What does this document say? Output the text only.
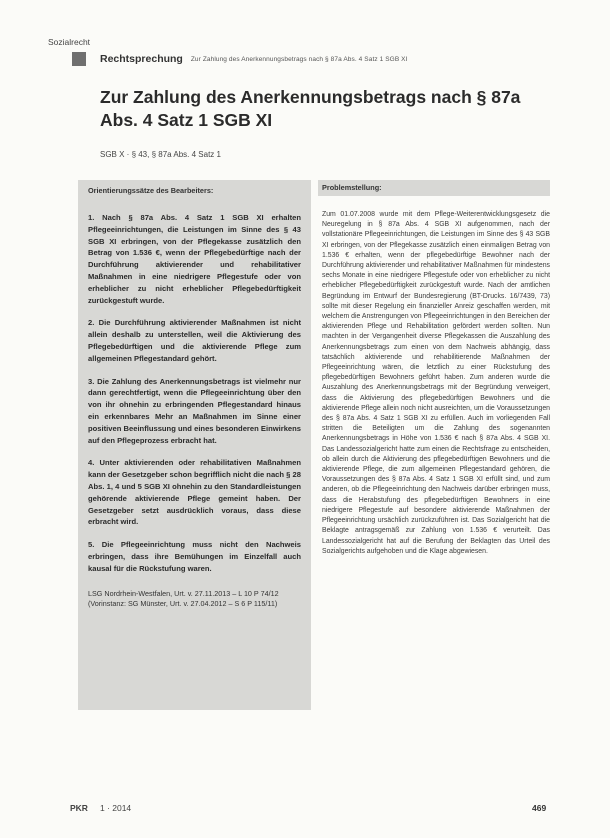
Sozialrecht
Rechtsprechung Zur Zahlung des Anerkennungsbetrags nach § 87a Abs. 4 Satz 1 SGB XI
Zur Zahlung des Anerkennungsbetrags nach § 87a Abs. 4 Satz 1 SGB XI
SGB X · § 43, § 87a Abs. 4 Satz 1
Orientierungssätze des Bearbeiters:
1. Nach § 87a Abs. 4 Satz 1 SGB XI erhalten Pflegeeinrichtungen, die Leistungen im Sinne des § 43 SGB XI erbringen, von der Pflegekasse zusätzlich den Betrag von 1.536 €, wenn der Pflegebedürftige nach der Durchführung aktivierender und rehabilitativer Maßnahmen in eine niedrigere Pflegestufe oder von erheblicher zu nicht erheblicher Pflegebedürftigkeit zurückgestuft wurde.
2. Die Durchführung aktivierender Maßnahmen ist nicht allein deshalb zu unterstellen, weil die Aktivierung des Pflegebedürftigen und die aktivierende Pflege zum allgemeinen Pflegestandard gehört.
3. Die Zahlung des Anerkennungsbetrags ist vielmehr nur dann gerechtfertigt, wenn die Pflegeeinrichtung über den von ihr ohnehin zu erbringenden Pflegestandard hinaus ein erkennbares Mehr an Maßnahmen im Sinne einer positiven Beeinflussung und eines besonderen Einwirkens auf den Pflegeprozess erbracht hat.
4. Unter aktivierenden oder rehabilitativen Maßnahmen kann der Gesetzgeber schon begrifflich nicht die nach § 28 Abs. 1, 4 und 5 SGB XI ohnehin zu den Standardleistungen gehörende aktivierende Pflege gemeint haben. Der Gesetzgeber setzt ausdrücklich voraus, dass diese erbracht wird.
5. Die Pflegeeinrichtung muss nicht den Nachweis erbringen, dass ihre Bemühungen im Einzelfall auch kausal für die Rückstufung waren.
LSG Nordrhein-Westfalen, Urt. v. 27.11.2013 – L 10 P 74/12 (Vorinstanz: SG Münster, Urt. v. 27.04.2012 – S 6 P 115/11)
Problemstellung:
Zum 01.07.2008 wurde mit dem Pflege-Weiterentwicklungsgesetz die Neuregelung in § 87a Abs. 4 SGB XI aufgenommen, nach der vollstationäre Pflegeeinrichtungen, die Leistungen im Sinne des § 43 SGB XI erbringen, von der Pflegekasse zusätzlich einen einmaligen Betrag von 1.536 € erhalten, wenn der pflegebedürftige Bewohner nach der Durchführung aktivierender und rehabilitativer Maßnahmen für mindestens sechs Monate in eine niedrigere Pflegestufe oder von erheblicher zu nicht erheblicher Pflegebedürftigkeit zurückgestuft wurde. Nach der amtlichen Begründung im Entwurf der Bundesregierung (BT-Drucks. 16/7439, 73) sollte mit dieser Regelung ein finanzieller Anreiz geschaffen werden, mit welchem die Anstrengungen von Pflegeeinrichtungen in den Bereichen der aktivierenden Pflege und Rehabilitation gefördert werden sollten. Nun machten in der Vergangenheit diverse Pflegekassen die Auszahlung des Anerkennungsbetrags zum einen von dem Nachweis abhängig, dass tatsächlich aktivierende und rehabilitierende Maßnahmen der Pflegeeinrichtung wären, die letztlich zu einer Rückstufung des pflegebedürftigen Bewohners geführt haben. Zum anderen wurde die Auszahlung des Anerkennungsbetrags mit der Begründung verweigert, dass die Aktivierung des pflegebedürftigen Bewohners und die aktivierende Pflege allein noch nicht ausreichten, um die Voraussetzungen des § 87a Abs. 4 Satz 1 SGB XI zu erfüllen. Auch im vorliegenden Fall stritten die Beteiligten um die Zahlung des sogenannten Anerkennungsbetrags in Höhe von 1.536 € nach § 87a Abs. 4 SGB XI. Das Landessozialgericht hatte zum einen die Rechtsfrage zu entscheiden, ob allein durch die Aktivierung des pflegebedürftigen Bewohners und die aktivierende Pflege, die zum allgemeinen Pflegestandard gehören, die Voraussetzungen des § 87a Abs. 4 Satz 1 SGB XI erfüllt sind, und zum anderen, ob die Pflegeeinrichtung den Nachweis darüber erbringen muss, dass die Herabstufung des pflegebedürftigen Bewohners in eine niedrigere Pflegestufe auf besondere aktivierende Maßnahmen der Pflegeeinrichtung ursächlich zurückzuführen ist. Das Sozialgericht hat die Beklagte antragsgemäß zur Zahlung von 1.536 € verurteilt. Das Landessozialgericht hat auf die Berufung der Beklagten das Urteil des Sozialgerichts aufgehoben und die Klage abgewiesen.
PKR 1 · 2014	469
